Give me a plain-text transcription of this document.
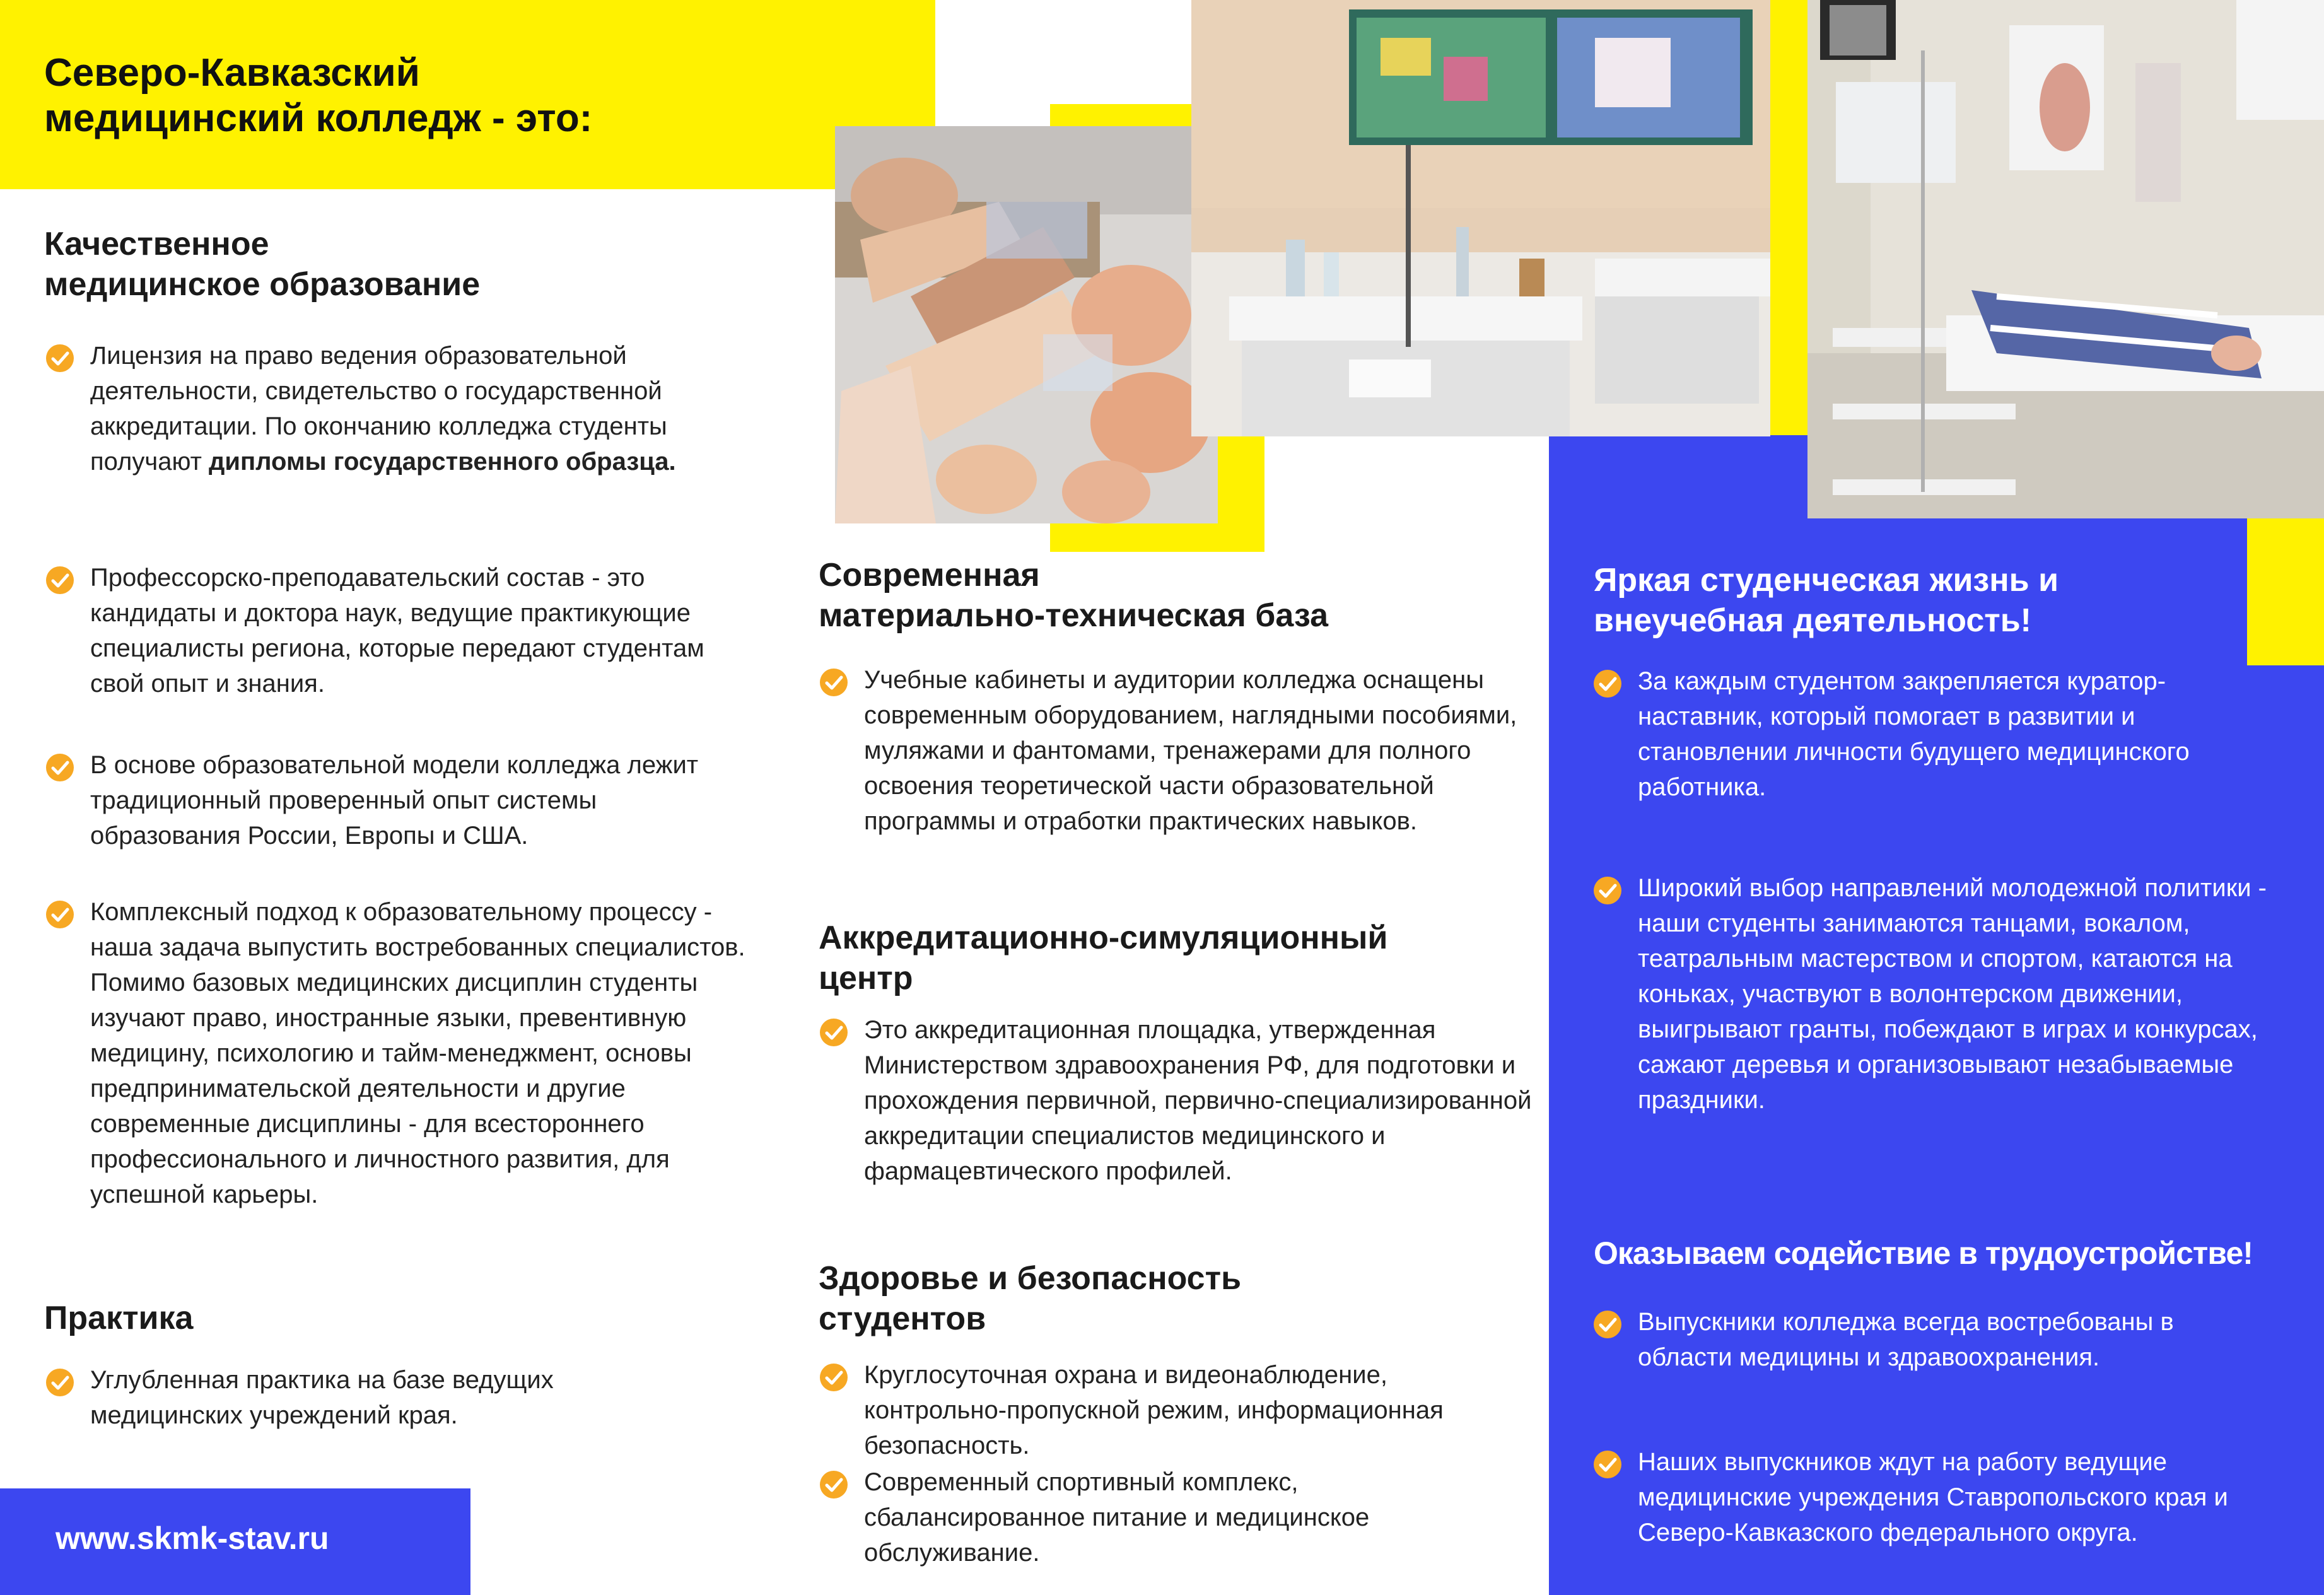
Северо-Кавказский
медицинский колледж - это:
Качественное
медицинское образование
Лицензия на право ведения образовательной деятельности, свидетельство о государственной аккредитации. По окончанию колледжа студенты получают дипломы государственного образца.
Профессорско-преподавательский состав - это кандидаты и доктора наук, ведущие практикующие специалисты региона, которые передают студентам свой опыт и знания.
В основе образовательной модели колледжа лежит традиционный проверенный опыт системы образования России, Европы и США.
Комплексный подход к образовательному процессу - наша задача выпустить востребованных специалистов. Помимо базовых медицинских дисциплин студенты изучают право, иностранные языки, превентивную медицину, психологию и тайм-менеджмент, основы предпринимательской деятельности и другие современные дисциплины - для всестороннего профессионального и личностного развития, для успешной карьеры.
Практика
Углубленная практика на базе ведущих медицинских учреждений края.
www.skmk-stav.ru
Современная
материально-техническая база
Учебные кабинеты и аудитории колледжа оснащены современным оборудованием, наглядными пособиями, муляжами и фантомами, тренажерами для полного освоения теоретической части образовательной программы и отработки практических навыков.
Аккредитационно-симуляционный
центр
Это аккредитационная площадка, утвержденная Министерством здравоохранения РФ, для подготовки и прохождения первичной, первично-специализированной аккредитации специалистов медицинского и фармацевтического профилей.
Здоровье и безопасность
студентов
Круглосуточная охрана и видеонаблюдение, контрольно-пропускной режим, информационная безопасность.
Современный спортивный комплекс, сбалансированное питание и медицинское обслуживание.
Яркая студенческая жизнь и
внеучебная деятельность!
За каждым студентом закрепляется куратор-наставник, который помогает в развитии и становлении личности будущего медицинского работника.
Широкий выбор направлений молодежной политики - наши студенты занимаются танцами, вокалом, театральным мастерством и спортом, катаются на коньках, участвуют в волонтерском движении, выигрывают гранты, побеждают в играх и конкурсах, сажают деревья и организовывают незабываемые праздники.
Оказываем содействие в трудоустройстве!
Выпускники колледжа всегда востребованы в области медицины и здравоохранения.
Наших выпускников ждут на работу ведущие медицинские учреждения Ставропольского края и Северо-Кавказского федерального округа.
